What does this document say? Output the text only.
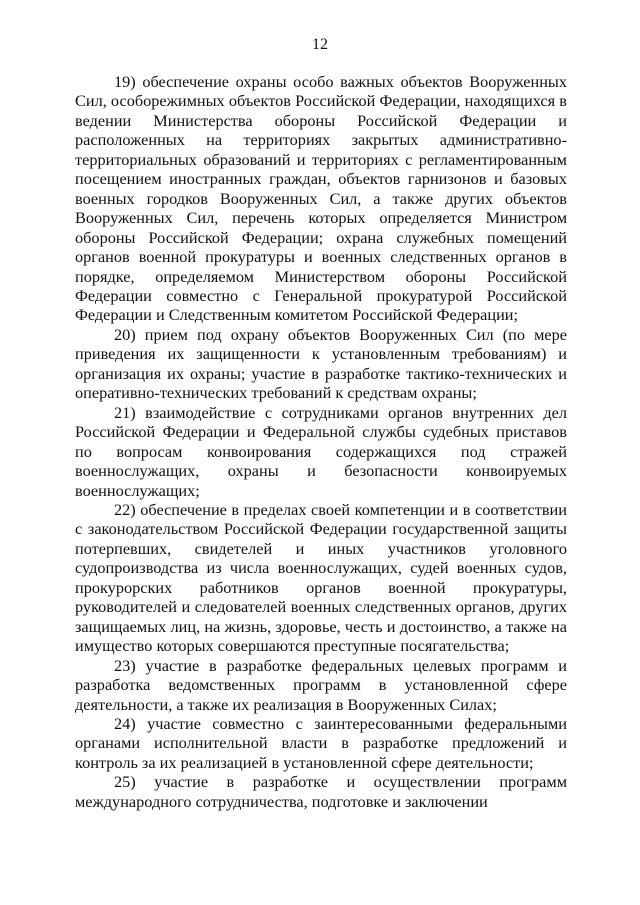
12

19) обеспечение охраны особо важных объектов Вооруженных Сил, особорежимных объектов Российской Федерации, находящихся в ведении Министерства обороны Российской Федерации и расположенных на территориях закрытых административно-территориальных образований и территориях с регламентированным посещением иностранных граждан, объектов гарнизонов и базовых военных городков Вооруженных Сил, а также других объектов Вооруженных Сил, перечень которых определяется Министром обороны Российской Федерации; охрана служебных помещений органов военной прокуратуры и военных следственных органов в порядке, определяемом Министерством обороны Российской Федерации совместно с Генеральной прокуратурой Российской Федерации и Следственным комитетом Российской Федерации;

20) прием под охрану объектов Вооруженных Сил (по мере приведения их защищенности к установленным требованиям) и организация их охраны; участие в разработке тактико-технических и оперативно-технических требований к средствам охраны;

21) взаимодействие с сотрудниками органов внутренних дел Российской Федерации и Федеральной службы судебных приставов по вопросам конвоирования содержащихся под стражей военнослужащих, охраны и безопасности конвоируемых военнослужащих;

22) обеспечение в пределах своей компетенции и в соответствии с законодательством Российской Федерации государственной защиты потерпевших, свидетелей и иных участников уголовного судопроизводства из числа военнослужащих, судей военных судов, прокурорских работников органов военной прокуратуры, руководителей и следователей военных следственных органов, других защищаемых лиц, на жизнь, здоровье, честь и достоинство, а также на имущество которых совершаются преступные посягательства;

23) участие в разработке федеральных целевых программ и разработка ведомственных программ в установленной сфере деятельности, а также их реализация в Вооруженных Силах;

24) участие совместно с заинтересованными федеральными органами исполнительной власти в разработке предложений и контроль за их реализацией в установленной сфере деятельности;

25) участие в разработке и осуществлении программ международного сотрудничества, подготовке и заключении
